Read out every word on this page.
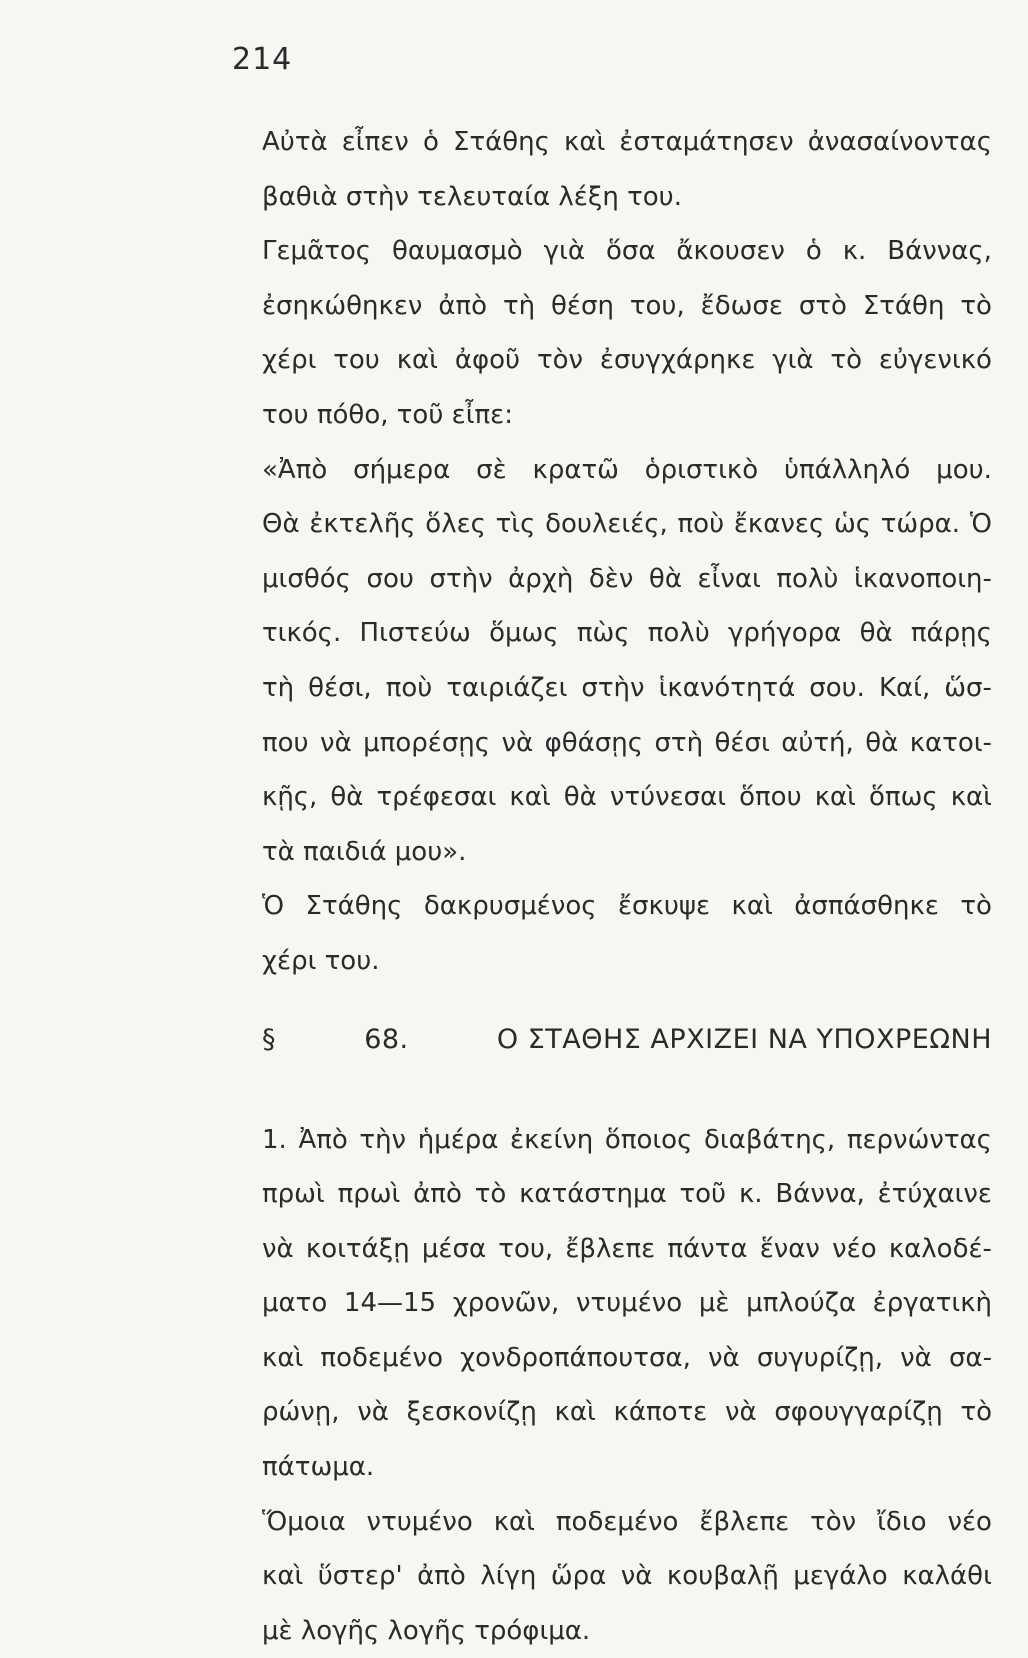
214
Αὐτὰ εἶπεν ὁ Στάθης καὶ ἐσταμάτησεν ἀνασαίνοντας
βαθιὰ στὴν τελευταία λέξη του.
Γεμᾶτος θαυμασμὸ γιὰ ὅσα ἄκουσεν ὁ κ. Βάννας,
ἐσηκώθηκεν ἀπὸ τὴ θέση του, ἔδωσε στὸ Στάθη τὸ
χέρι του καὶ ἀφοῦ τὸν ἐσυγχάρηκε γιὰ τὸ εὐγενικό
του πόθο, τοῦ εἶπε:
«Ἀπὸ σήμερα σὲ κρατῶ ὁριστικὸ ὑπάλληλό μου.
Θὰ ἐκτελῆς ὅλες τὶς δουλειές, ποὺ ἔκανες ὡς τώρα. Ὁ
μισθός σου στὴν ἀρχὴ δὲν θὰ εἶναι πολὺ ἱκανοποιη-
τικός. Πιστεύω ὅμως πὼς πολὺ γρήγορα θὰ πάρῃς
τὴ θέσι, ποὺ ταιριάζει στὴν ἱκανότητά σου. Καί, ὥσ-
που νὰ μπορέσῃς νὰ φθάσῃς στὴ θέσι αὐτή, θὰ κατοι-
κῇς, θὰ τρέφεσαι καὶ θὰ ντύνεσαι ὅπου καὶ ὅπως καὶ
τὰ παιδιά μου».
Ὁ Στάθης δακρυσμένος ἔσκυψε καὶ ἀσπάσθηκε τὸ
χέρι του.
§	68.	Ο ΣΤΑΘΗΣ ΑΡΧΙΖΕΙ ΝΑ ΥΠΟΧΡΕΩΝΗ
1. Ἀπὸ τὴν ἡμέρα ἐκείνη ὅποιος διαβάτης, περνώντας
πρωὶ πρωὶ ἀπὸ τὸ κατάστημα τοῦ κ. Βάννα, ἐτύχαινε
νὰ κοιτάξῃ μέσα του, ἔβλεπε πάντα ἕναν νέο καλοδέ-
ματο 14—15 χρονῶν, ντυμένο μὲ μπλούζα ἐργατικὴ
καὶ ποδεμένο χονδροπάπουτσα, νὰ συγυρίζῃ, νὰ σα-
ρώνῃ, νὰ ξεσκονίζῃ καὶ κάποτε νὰ σφουγγαρίζῃ τὸ
πάτωμα.
Ὅμοια ντυμένο καὶ ποδεμένο ἔβλεπε τὸν ἴδιο νέο
καὶ ὕστερ' ἀπὸ λίγη ὥρα νὰ κουβαλῇ μεγάλο καλάθι
μὲ λογῆς λογῆς τρόφιμα.
